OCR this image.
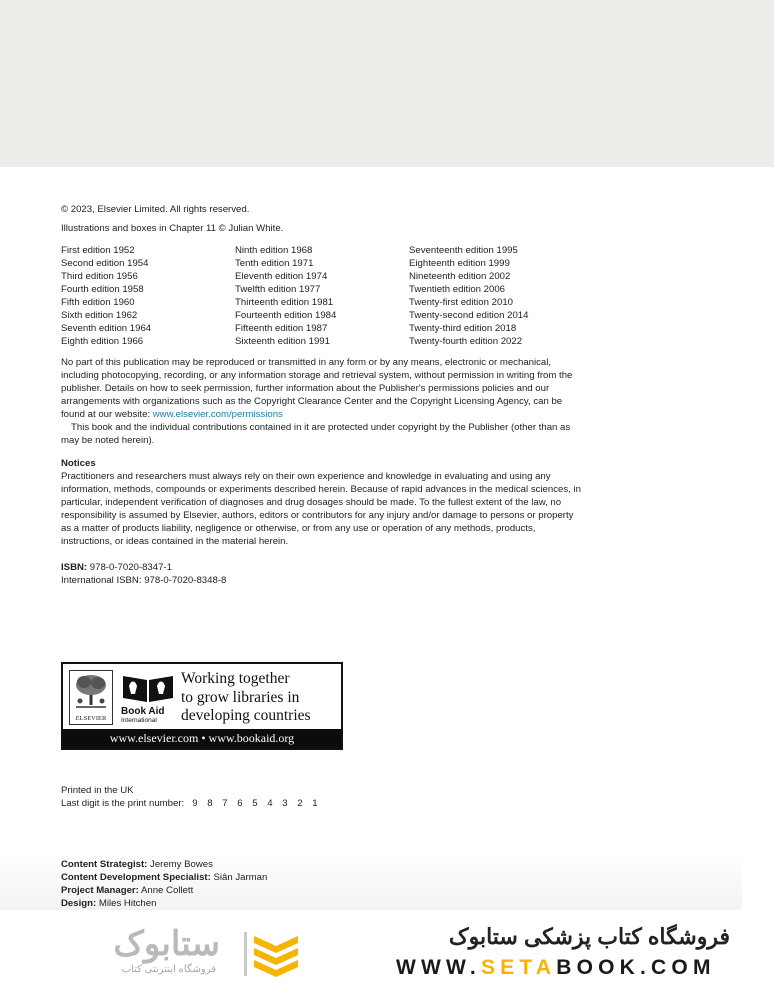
© 2023, Elsevier Limited. All rights reserved.
Illustrations and boxes in Chapter 11 © Julian White.
First edition 1952
Second edition 1954
Third edition 1956
Fourth edition 1958
Fifth edition 1960
Sixth edition 1962
Seventh edition 1964
Eighth edition 1966
Ninth edition 1968
Tenth edition 1971
Eleventh edition 1974
Twelfth edition 1977
Thirteenth edition 1981
Fourteenth edition 1984
Fifteenth edition 1987
Sixteenth edition 1991
Seventeenth edition 1995
Eighteenth edition 1999
Nineteenth edition 2002
Twentieth edition 2006
Twenty-first edition 2010
Twenty-second edition 2014
Twenty-third edition 2018
Twenty-fourth edition 2022

No part of this publication may be reproduced or transmitted in any form or by any means, electronic or mechanical, including photocopying, recording, or any information storage and retrieval system, without permission in writing from the publisher. Details on how to seek permission, further information about the Publisher's permissions policies and our arrangements with organizations such as the Copyright Clearance Center and the Copyright Licensing Agency, can be found at our website: www.elsevier.com/permissions

This book and the individual contributions contained in it are protected under copyright by the Publisher (other than as may be noted herein).

Notices

Practitioners and researchers must always rely on their own experience and knowledge in evaluating and using any information, methods, compounds or experiments described herein. Because of rapid advances in the medical sciences, in particular, independent verification of diagnoses and drug dosages should be made. To the fullest extent of the law, no responsibility is assumed by Elsevier, authors, editors or contributors for any injury and/or damage to persons or property as a matter of products liability, negligence or otherwise, or from any use or operation of any methods, products, instructions, or ideas contained in the material herein.

ISBN: 978-0-7020-8347-1
International ISBN: 978-0-7020-8348-8
ELSEVIER
Book Aid
International
Working together
to grow libraries in
developing countries
www.elsevier.com • www.bookaid.org
Printed in the UK
Last digit is the print number: 9 8 7 6 5 4 3 2 1
Content Strategist: Jeremy Bowes
Content Development Specialist: Siân Jarman
Project Manager: Anne Collett
Design: Miles Hitchen
ستابوک
فروشگاه اینترنتی کتاب
فروشگاه کتاب پزشکی ستابوک
WWW.SETABOOK.COM
